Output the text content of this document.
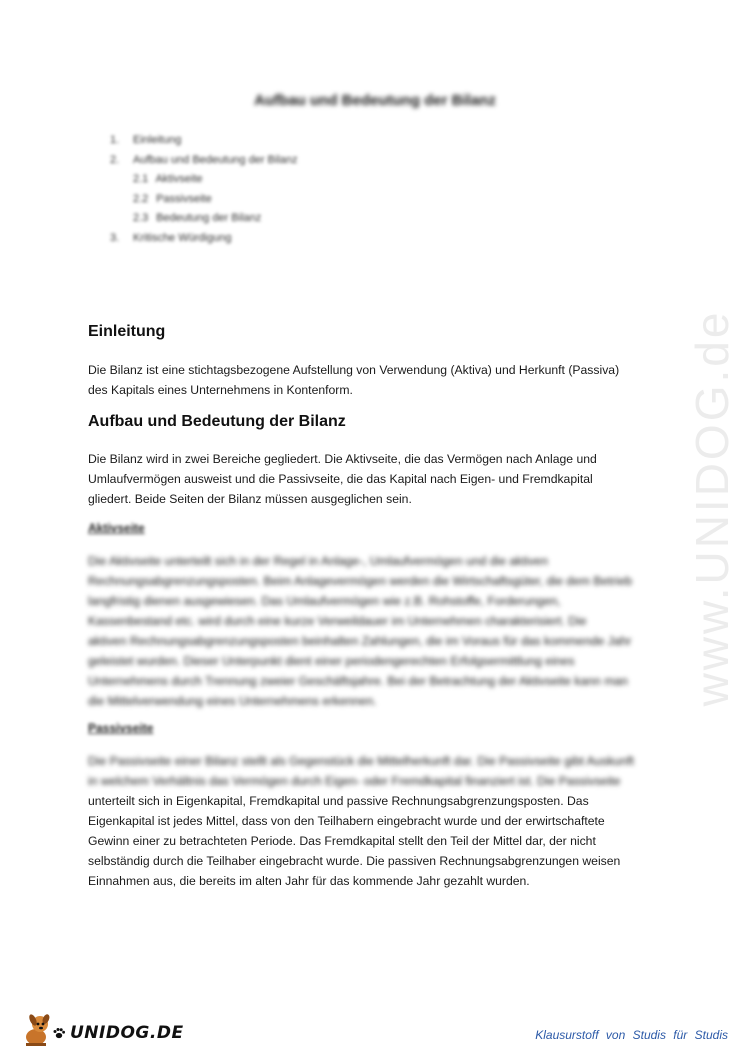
www.UNIDOG.de
Aufbau und Bedeutung der Bilanz
1. Einleitung
2. Aufbau und Bedeutung der Bilanz
2.1 Aktivseite
2.2 Passivseite
2.3 Bedeutung der Bilanz
3. Kritische Würdigung
Einleitung

Die Bilanz ist eine stichtagsbezogene Aufstellung von Verwendung (Aktiva) und Herkunft (Passiva)
des Kapitals eines Unternehmens in Kontenform.

Aufbau und Bedeutung der Bilanz

Die Bilanz wird in zwei Bereiche gegliedert. Die Aktivseite, die das Vermögen nach Anlage und
Umlaufvermögen ausweist und die Passivseite, die das Kapital nach Eigen- und Fremdkapital
gliedert. Beide Seiten der Bilanz müssen ausgeglichen sein.

Aktivseite

Die Aktivseite unterteilt sich in der Regel in Anlage-, Umlaufvermögen und die aktiven
Rechnungsabgrenzungsposten. Beim Anlagevermögen werden die Wirtschaftsgüter, die dem Betrieb
langfristig dienen ausgewiesen. Das Umlaufvermögen wie z.B. Rohstoffe, Forderungen,
Kassenbestand etc. wird durch eine kurze Verweildauer im Unternehmen charakterisiert. Die
aktiven Rechnungsabgrenzungsposten beinhalten Zahlungen, die im Voraus für das kommende Jahr
geleistet wurden. Dieser Unterpunkt dient einer periodengerechten Erfolgsermittlung eines
Unternehmens durch Trennung zweier Geschäftsjahre. Bei der Betrachtung der Aktivseite kann man
die Mittelverwendung eines Unternehmens erkennen.

Passivseite

Die Passivseite einer Bilanz stellt als Gegenstück die Mittelherkunft dar. Die Passivseite gibt Auskunft
in welchem Verhältnis das Vermögen durch Eigen- oder Fremdkapital finanziert ist. Die Passivseite

unterteilt sich in Eigenkapital, Fremdkapital und passive Rechnungsabgrenzungsposten. Das
Eigenkapital ist jedes Mittel, dass von den Teilhabern eingebracht wurde und der erwirtschaftete
Gewinn einer zu betrachteten Periode. Das Fremdkapital stellt den Teil der Mittel dar, der nicht
selbständig durch die Teilhaber eingebracht wurde. Die passiven Rechnungsabgrenzungen weisen
Einnahmen aus, die bereits im alten Jahr für das kommende Jahr gezahlt wurden.

UNIDOG.DE	Klausurstoff von Studis für Studis
